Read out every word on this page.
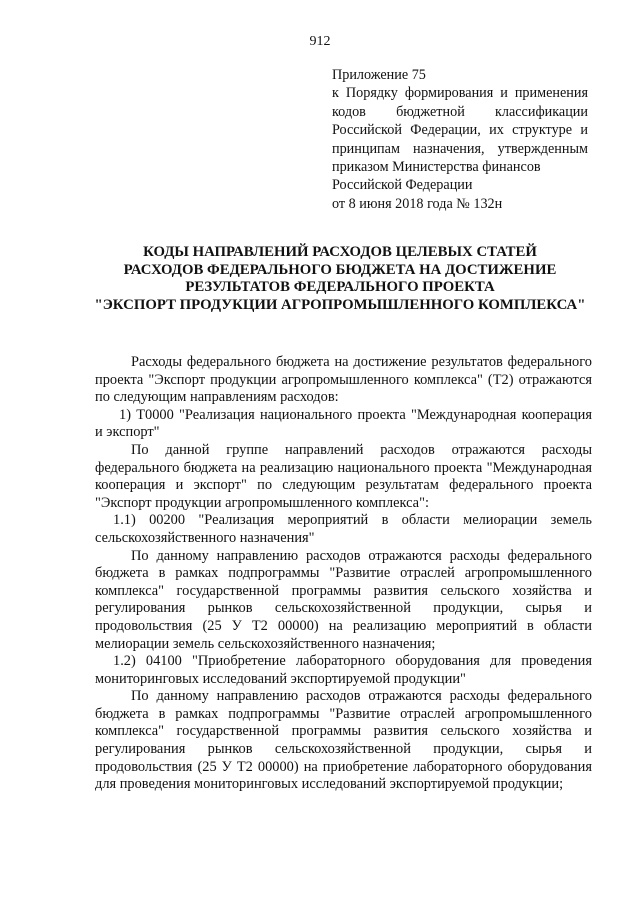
912
Приложение 75
к Порядку формирования и применения
кодов бюджетной классификации
Российской Федерации, их структуре и
принципам назначения, утвержденным
приказом Министерства финансов
Российской Федерации
от 8 июня 2018 года № 132н
КОДЫ НАПРАВЛЕНИЙ РАСХОДОВ ЦЕЛЕВЫХ СТАТЕЙ
РАСХОДОВ ФЕДЕРАЛЬНОГО БЮДЖЕТА НА ДОСТИЖЕНИЕ
РЕЗУЛЬТАТОВ ФЕДЕРАЛЬНОГО ПРОЕКТА
"ЭКСПОРТ ПРОДУКЦИИ АГРОПРОМЫШЛЕННОГО КОМПЛЕКСА"

Расходы федерального бюджета на достижение результатов федерального проекта "Экспорт продукции агропромышленного комплекса" (Т2) отражаются по следующим направлениям расходов:

1) Т0000 "Реализация национального проекта "Международная кооперация и экспорт"

По данной группе направлений расходов отражаются расходы федерального бюджета на реализацию национального проекта "Международная кооперация и экспорт" по следующим результатам федерального проекта "Экспорт продукции агропромышленного комплекса":

1.1) 00200 "Реализация мероприятий в области мелиорации земель сельскохозяйственного назначения"

По данному направлению расходов отражаются расходы федерального бюджета в рамках подпрограммы "Развитие отраслей агропромышленного комплекса" государственной программы развития сельского хозяйства и регулирования рынков сельскохозяйственной продукции, сырья и продовольствия (25 У Т2 00000) на реализацию мероприятий в области мелиорации земель сельскохозяйственного назначения;

1.2) 04100 "Приобретение лабораторного оборудования для проведения мониторинговых исследований экспортируемой продукции"

По данному направлению расходов отражаются расходы федерального бюджета в рамках подпрограммы "Развитие отраслей агропромышленного комплекса" государственной программы развития сельского хозяйства и регулирования рынков сельскохозяйственной продукции, сырья и продовольствия (25 У Т2 00000) на приобретение лабораторного оборудования для проведения мониторинговых исследований экспортируемой продукции;
